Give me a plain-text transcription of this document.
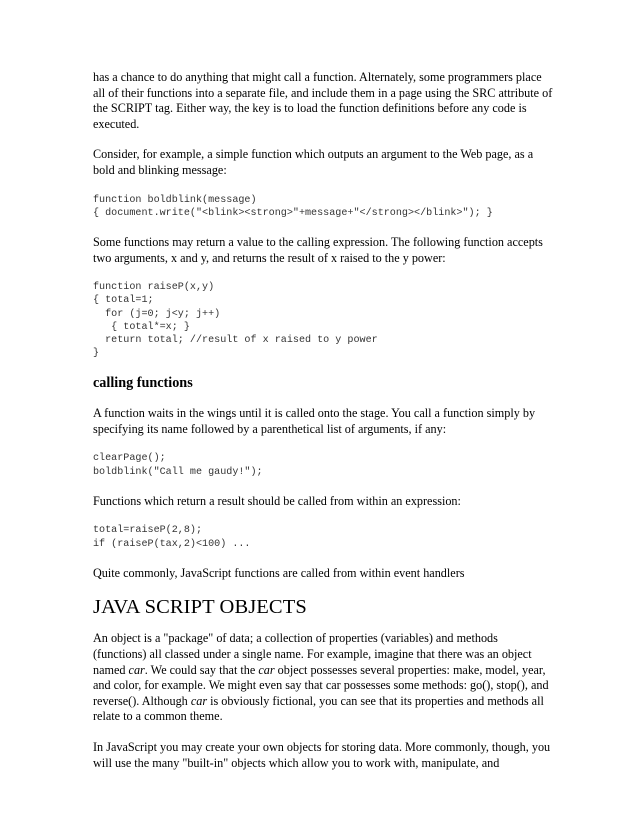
has a chance to do anything that might call a function. Alternately, some programmers place all of their functions into a separate file, and include them in a page using the SRC attribute of the SCRIPT tag. Either way, the key is to load the function definitions before any code is executed.

Consider, for example, a simple function which outputs an argument to the Web page, as a bold and blinking message:

function boldblink(message)
{ document.write("<blink><strong>"+message+"</strong></blink>"); }

Some functions may return a value to the calling expression. The following function accepts two arguments, x and y, and returns the result of x raised to the y power:

function raiseP(x,y)
{ total=1;
for (j=0; j<y; j++)
{ total*=x; }
return total; //result of x raised to y power
}
calling functions

A function waits in the wings until it is called onto the stage. You call a function simply by specifying its name followed by a parenthetical list of arguments, if any:

clearPage();
boldblink("Call me gaudy!");

Functions which return a result should be called from within an expression:

total=raiseP(2,8);
if (raiseP(tax,2)<100) ...

Quite commonly, JavaScript functions are called from within event handlers

JAVA SCRIPT OBJECTS

An object is a "package" of data; a collection of properties (variables) and methods (functions) all classed under a single name. For example, imagine that there was an object named car. We could say that the car object possesses several properties: make, model, year, and color, for example. We might even say that car possesses some methods: go(), stop(), and reverse(). Although car is obviously fictional, you can see that its properties and methods all relate to a common theme.

In JavaScript you may create your own objects for storing data. More commonly, though, you will use the many "built-in" objects which allow you to work with, manipulate, and
